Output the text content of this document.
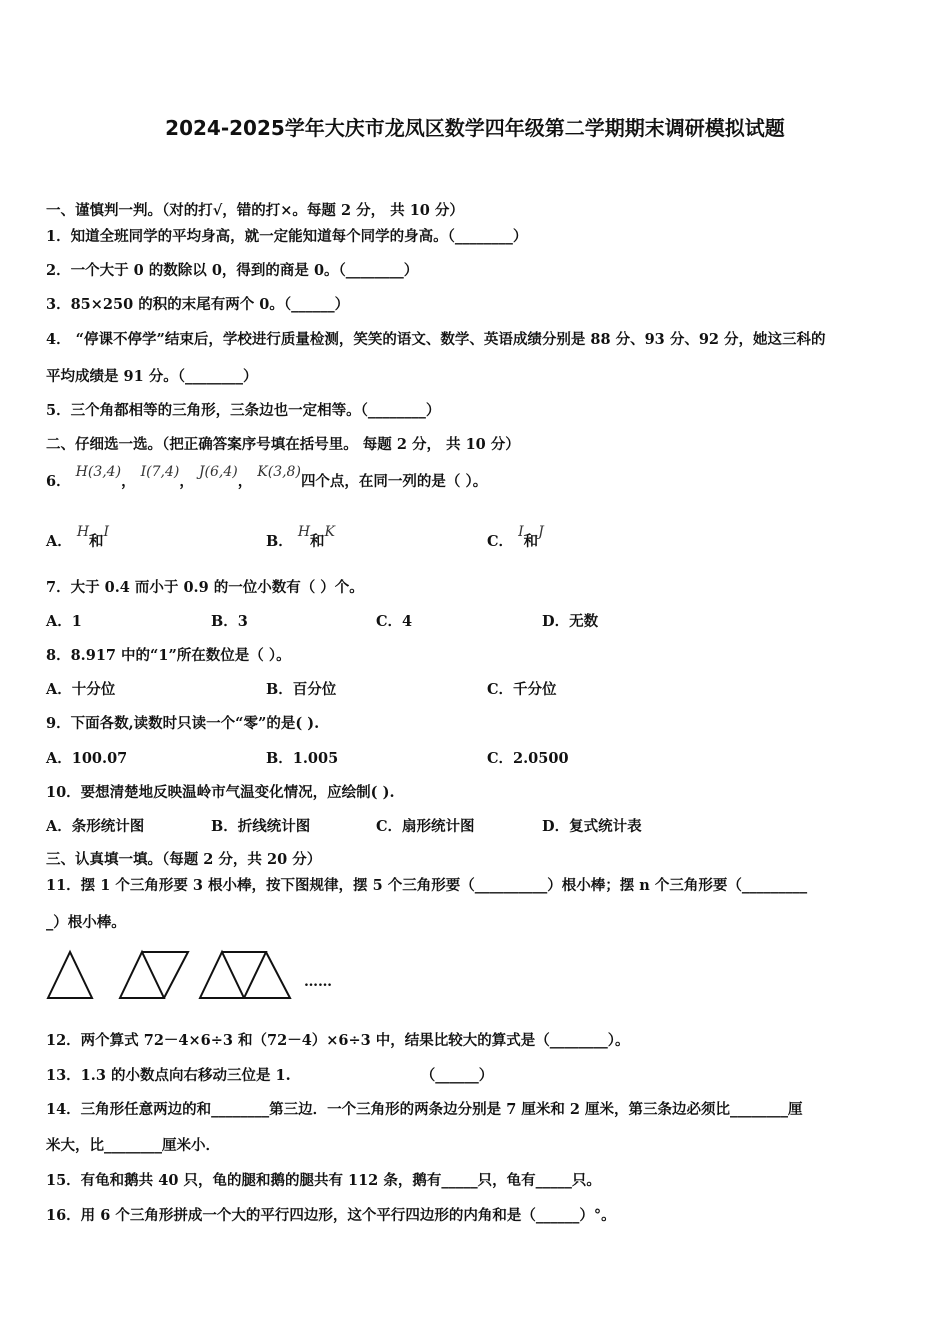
2024-2025学年大庆市龙凤区数学四年级第二学期期末调研模拟试题
一、谨慎判一判。（对的打√，错的打×。每题 2 分， 共 10 分）
1．知道全班同学的平均身高，就一定能知道每个同学的身高。（________）
2．一个大于 0 的数除以 0，得到的商是 0。（________）
3．85×250 的积的末尾有两个 0。（______）
4． “停课不停学”结束后，学校进行质量检测，笑笑的语文、数学、英语成绩分别是 88 分、93 分、92 分，她这三科的
平均成绩是 91 分。（________）
5．三个角都相等的三角形，三条边也一定相等。（________）
二、仔细选一选。（把正确答案序号填在括号里。 每题 2 分， 共 10 分）
6． H(3,4)， I(7,4)， J(6,4)， K(3,8)四个点，在同一列的是（ ）。
A． H和I
B． H和K
C． I和J
7．大于 0.4 而小于 0.9 的一位小数有（ ）个。
A．1	B．3	C．4	D．无数
8．8.917 中的“1”所在数位是（ ）。
A．十分位	B．百分位	C．千分位
9．下面各数,读数时只读一个“零”的是( ).
A．100.07	B．1.005	C．2.0500
10．要想清楚地反映温岭市气温变化情况，应绘制( ).
A．条形统计图	B．折线统计图	C．扇形统计图	D．复式统计表
三、认真填一填。（每题 2 分，共 20 分）
11．摆 1 个三角形要 3 根小棒，按下图规律，摆 5 个三角形要（__________）根小棒；摆 n 个三角形要（_________
_）根小棒。
……
12．两个算式 72－4×6÷3 和（72－4）×6÷3 中，结果比较大的算式是（________）。
13．1.3 的小数点向右移动三位是 1.	（______）
14．三角形任意两边的和________第三边．一个三角形的两条边分别是 7 厘米和 2 厘米，第三条边必须比________厘
米大，比________厘米小．
15．有龟和鹅共 40 只，龟的腿和鹅的腿共有 112 条，鹅有_____只，龟有_____只。
16．用 6 个三角形拼成一个大的平行四边形，这个平行四边形的内角和是（______）°。
